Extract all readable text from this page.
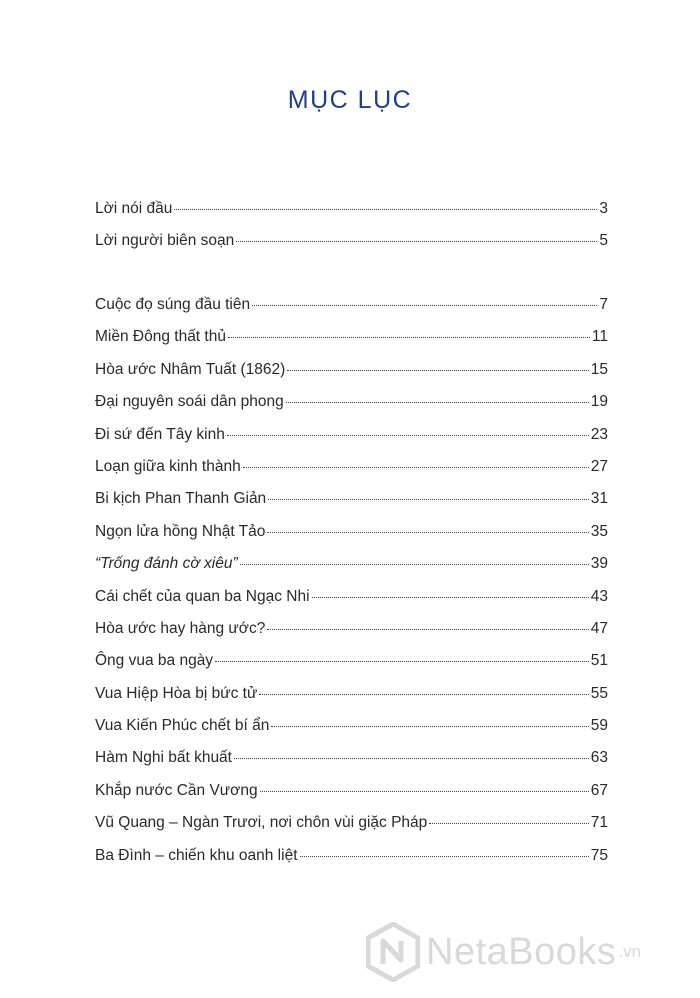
MỤC LỤC
Lời nói đầu	3
Lời người biên soạn	5
Cuộc đọ súng đầu tiên	7
Miền Đông thất thủ	11
Hòa ước Nhâm Tuất (1862)	15
Đại nguyên soái dân phong	19
Đi sứ đến Tây kinh	23
Loạn giữa kinh thành	27
Bi kịch Phan Thanh Giản	31
Ngọn lửa hồng Nhật Tảo	35
“Trống đánh cờ xiêu”	39
Cái chết của quan ba Ngạc Nhi	43
Hòa ước hay hàng ước?	47
Ông vua ba ngày	51
Vua Hiệp Hòa bị bức tử	55
Vua Kiến Phúc chết bí ẩn	59
Hàm Nghi bất khuất	63
Khắp nước Cần Vương	67
Vũ Quang – Ngàn Trươi, nơi chôn vùi giặc Pháp	71
Ba Đình – chiến khu oanh liệt	75
NetaBooks .vn
